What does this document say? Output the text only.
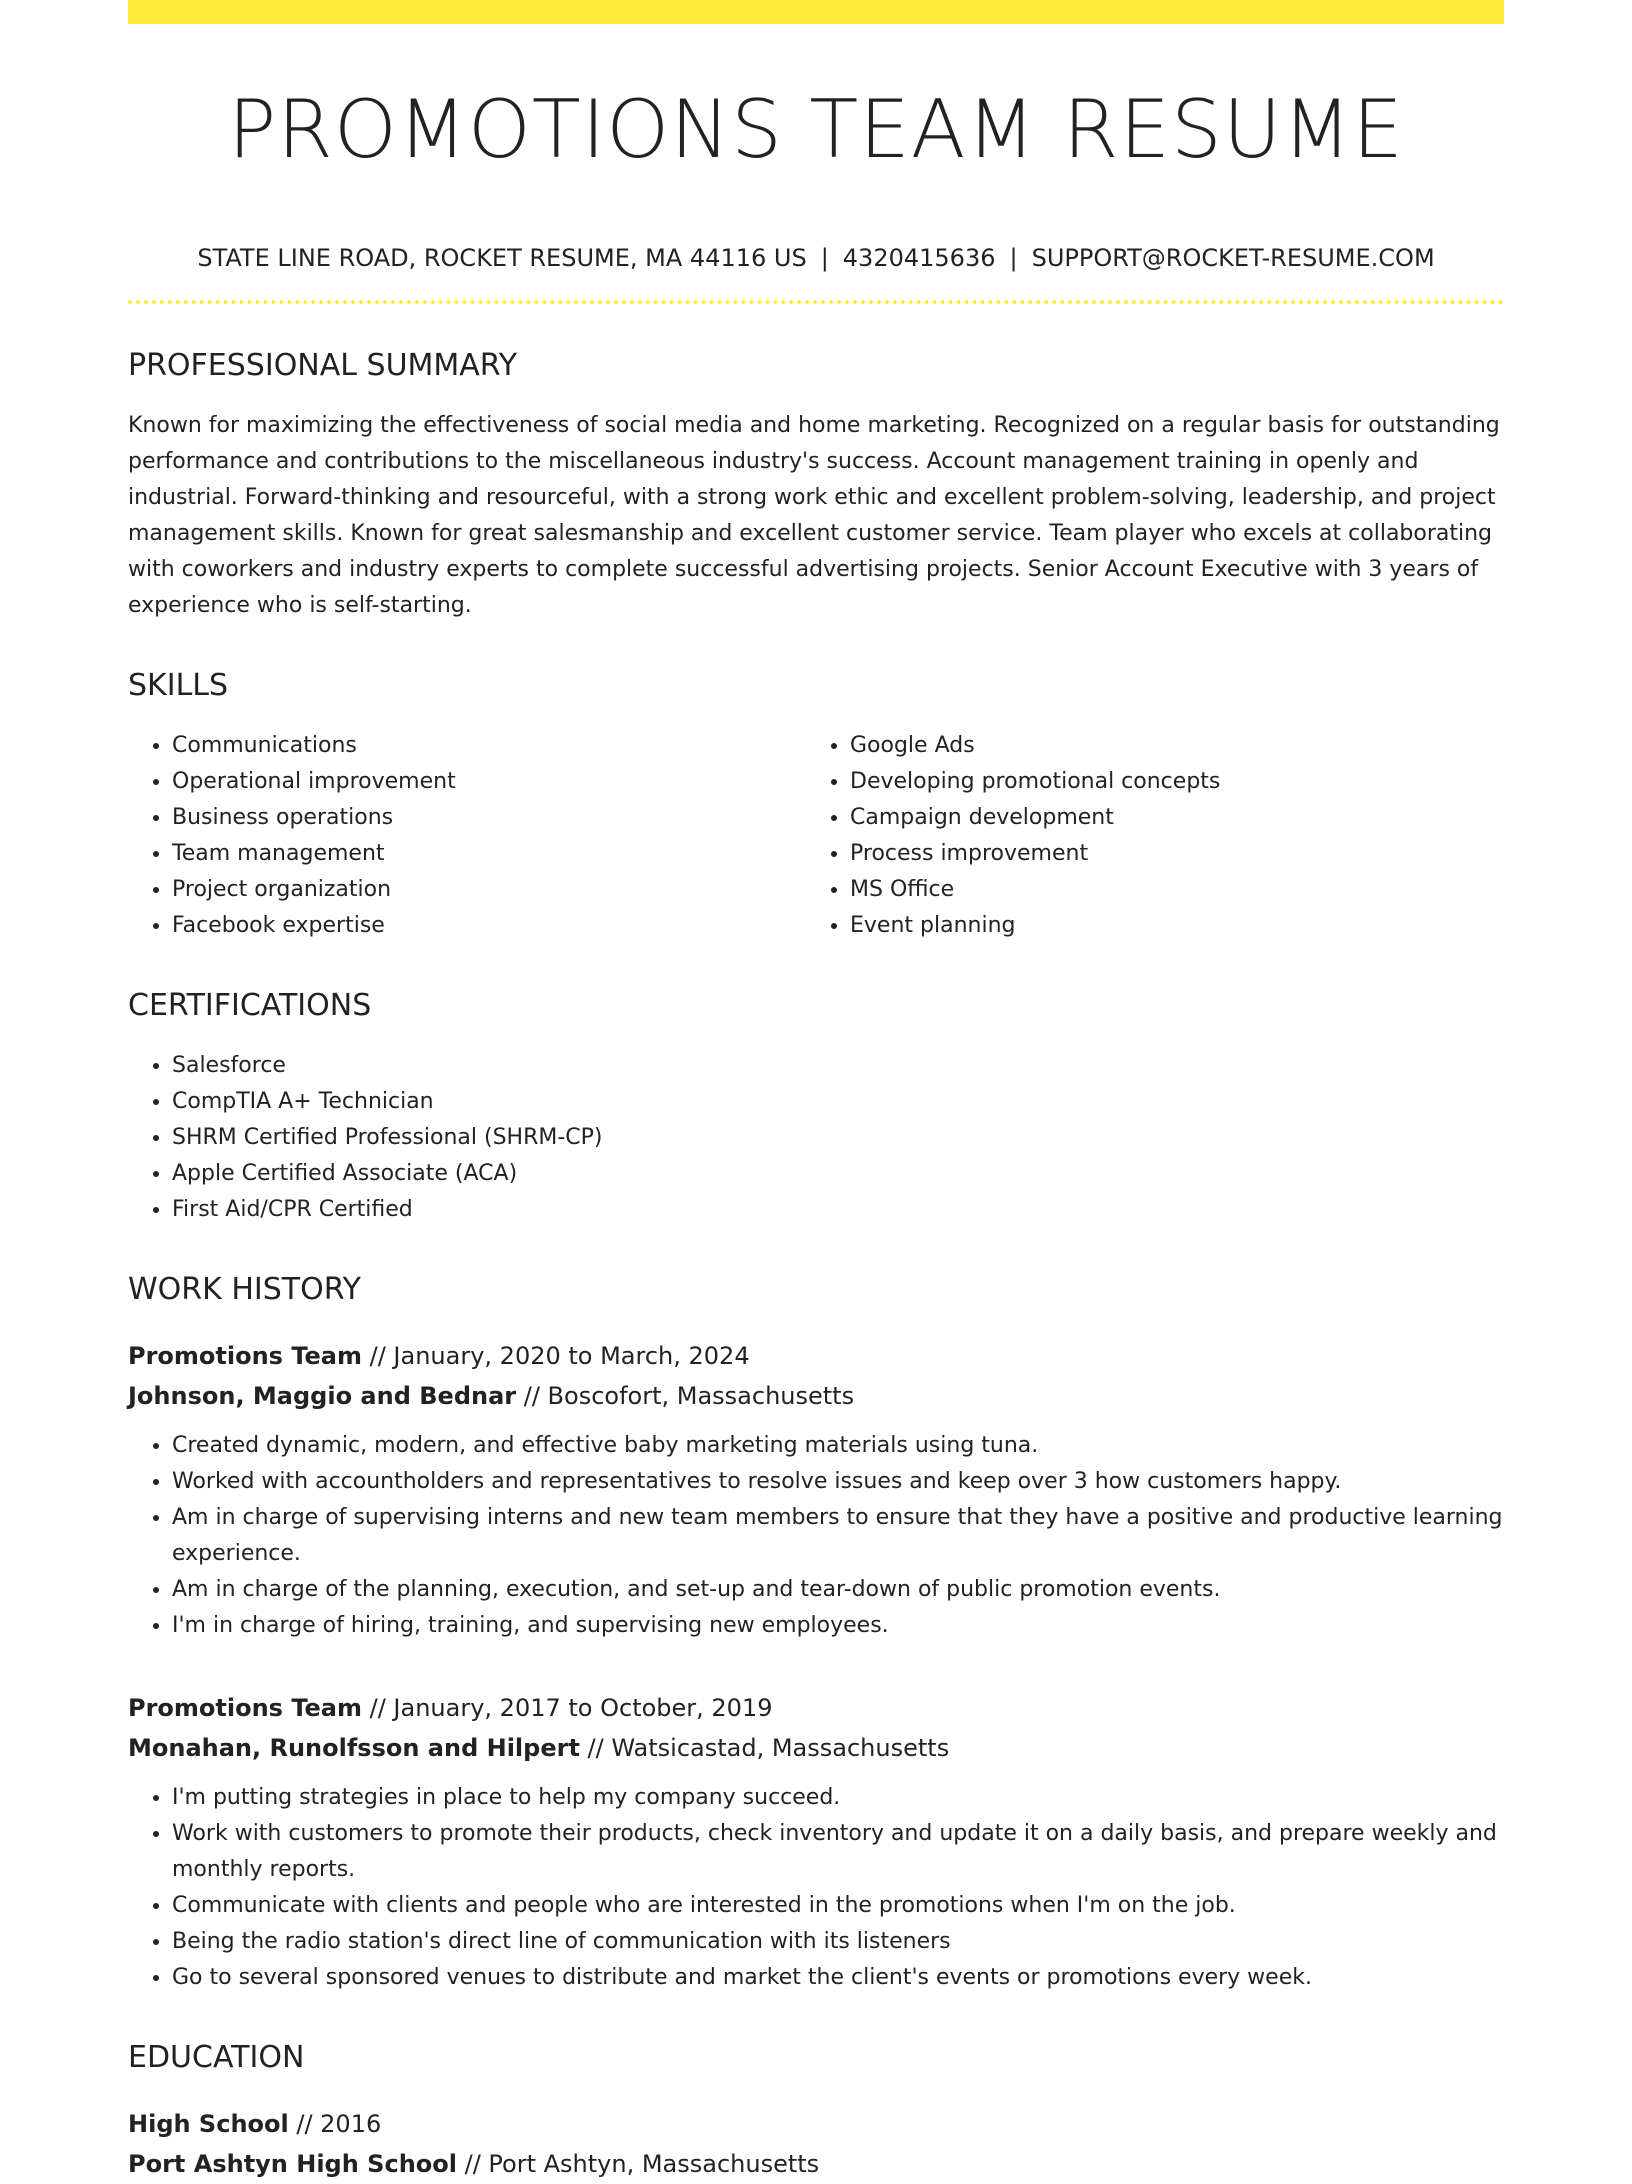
PROMOTIONS TEAM RESUME
STATE LINE ROAD, ROCKET RESUME, MA 44116 US | 4320415636 | SUPPORT@ROCKET-RESUME.COM
PROFESSIONAL SUMMARY

Known for maximizing the effectiveness of social media and home marketing. Recognized on a regular basis for outstanding performance and contributions to the miscellaneous industry's success. Account management training in openly and industrial. Forward-thinking and resourceful, with a strong work ethic and excellent problem-solving, leadership, and project management skills. Known for great salesmanship and excellent customer service. Team player who excels at collaborating with coworkers and industry experts to complete successful advertising projects. Senior Account Executive with 3 years of experience who is self-starting.

SKILLS
• Communications
• Operational improvement
• Business operations
• Team management
• Project organization
• Facebook expertise
• Google Ads
• Developing promotional concepts
• Campaign development
• Process improvement
• MS Office
• Event planning
CERTIFICATIONS
• Salesforce
• CompTIA A+ Technician
• SHRM Certified Professional (SHRM-CP)
• Apple Certified Associate (ACA)
• First Aid/CPR Certified
WORK HISTORY
Promotions Team // January, 2020 to March, 2024
Johnson, Maggio and Bednar // Boscofort, Massachusetts
• Created dynamic, modern, and effective baby marketing materials using tuna.
• Worked with accountholders and representatives to resolve issues and keep over 3 how customers happy.
• Am in charge of supervising interns and new team members to ensure that they have a positive and productive learning experience.
• Am in charge of the planning, execution, and set-up and tear-down of public promotion events.
• I'm in charge of hiring, training, and supervising new employees.
Promotions Team // January, 2017 to October, 2019
Monahan, Runolfsson and Hilpert // Watsicastad, Massachusetts
• I'm putting strategies in place to help my company succeed.
• Work with customers to promote their products, check inventory and update it on a daily basis, and prepare weekly and monthly reports.
• Communicate with clients and people who are interested in the promotions when I'm on the job.
• Being the radio station's direct line of communication with its listeners
• Go to several sponsored venues to distribute and market the client's events or promotions every week.
EDUCATION
High School // 2016
Port Ashtyn High School // Port Ashtyn, Massachusetts
